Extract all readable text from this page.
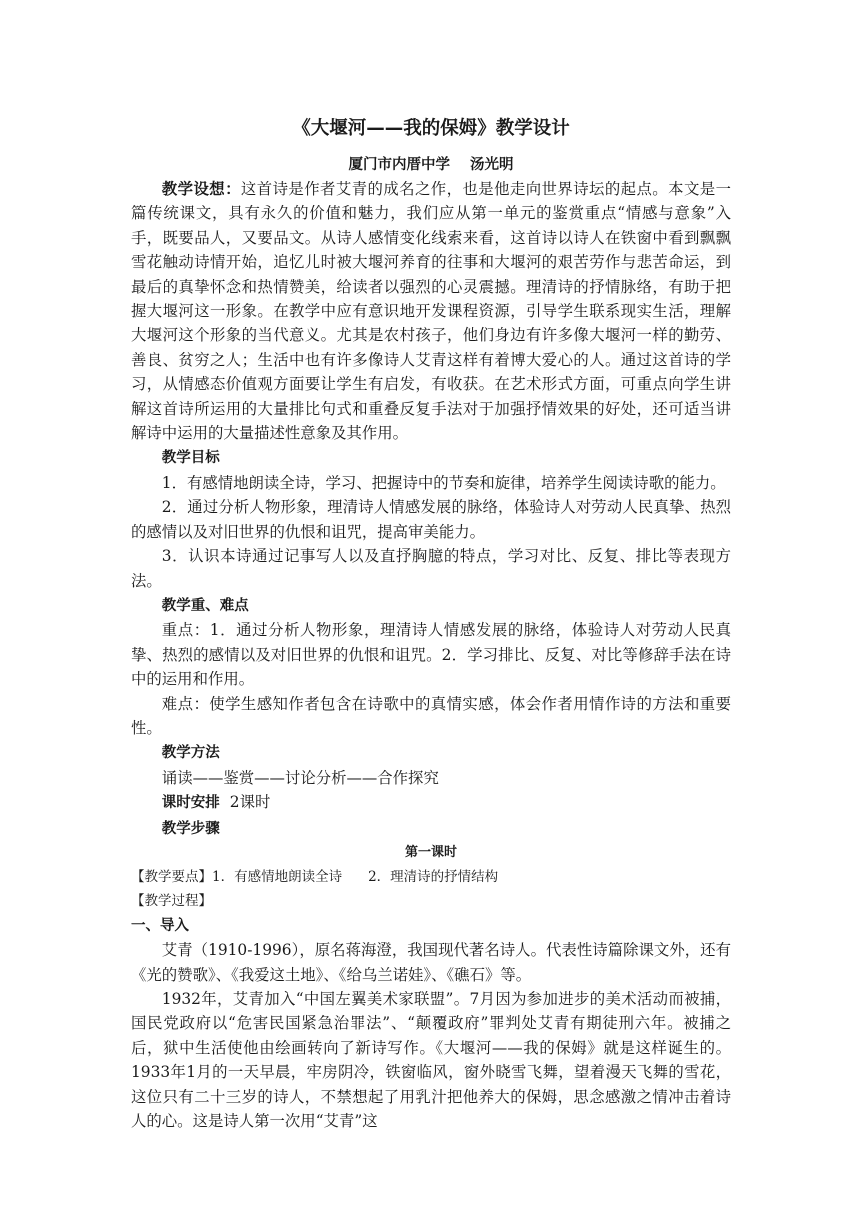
《大堰河——我的保姆》教学设计
厦门市内厝中学 汤光明

教学设想：这首诗是作者艾青的成名之作，也是他走向世界诗坛的起点。本文是一篇传统课文，具有永久的价值和魅力，我们应从第一单元的鉴赏重点“情感与意象”入手，既要品人，又要品文。从诗人感情变化线索来看，这首诗以诗人在铁窗中看到飘飘雪花触动诗情开始，追忆儿时被大堰河养育的往事和大堰河的艰苦劳作与悲苦命运，到最后的真挚怀念和热情赞美，给读者以强烈的心灵震撼。理清诗的抒情脉络，有助于把握大堰河这一形象。在教学中应有意识地开发课程资源，引导学生联系现实生活，理解大堰河这个形象的当代意义。尤其是农村孩子，他们身边有许多像大堰河一样的勤劳、善良、贫穷之人；生活中也有许多像诗人艾青这样有着博大爱心的人。通过这首诗的学习，从情感态价值观方面要让学生有启发，有收获。在艺术形式方面，可重点向学生讲解这首诗所运用的大量排比句式和重叠反复手法对于加强抒情效果的好处，还可适当讲解诗中运用的大量描述性意象及其作用。

教学目标

1．有感情地朗读全诗，学习、把握诗中的节奏和旋律，培养学生阅读诗歌的能力。

2．通过分析人物形象，理清诗人情感发展的脉络，体验诗人对劳动人民真挚、热烈的感情以及对旧世界的仇恨和诅咒，提高审美能力。

3．认识本诗通过记事写人以及直抒胸臆的特点，学习对比、反复、排比等表现方法。

教学重、难点

重点：1．通过分析人物形象，理清诗人情感发展的脉络，体验诗人对劳动人民真挚、热烈的感情以及对旧世界的仇恨和诅咒。2．学习排比、反复、对比等修辞手法在诗中的运用和作用。

难点：使学生感知作者包含在诗歌中的真情实感，体会作者用情作诗的方法和重要性。

教学方法

诵读——鉴赏——讨论分析——合作探究

课时安排 2课时

教学步骤

第一课时

【教学要点】1．有感情地朗读全诗 2．理清诗的抒情结构

【教学过程】

一、导入

艾青（1910-1996），原名蒋海澄，我国现代著名诗人。代表性诗篇除课文外，还有《光的赞歌》、《我爱这土地》、《给乌兰诺娃》、《礁石》等。

1932年，艾青加入“中国左翼美术家联盟”。7月因为参加进步的美术活动而被捕，国民党政府以“危害民国紧急治罪法”、“颠覆政府”罪判处艾青有期徒刑六年。被捕之后，狱中生活使他由绘画转向了新诗写作。《大堰河——我的保姆》就是这样诞生的。1933年1月的一天早晨，牢房阴冷，铁窗临风，窗外晓雪飞舞，望着漫天飞舞的雪花，这位只有二十三岁的诗人，不禁想起了用乳汁把他养大的保姆，思念感激之情冲击着诗人的心。这是诗人第一次用“艾青”这
